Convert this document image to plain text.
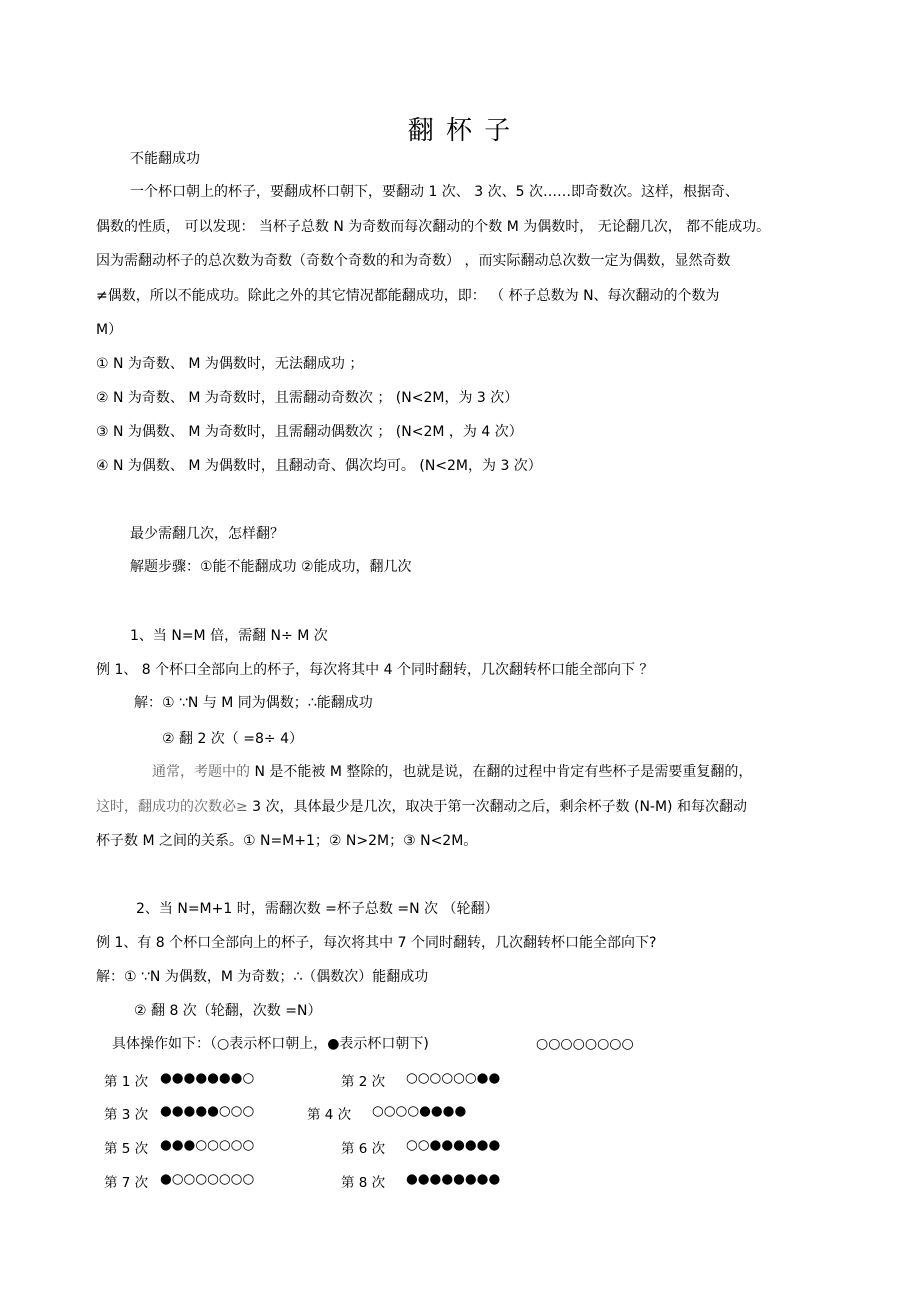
翻 杯 子
不能翻成功
一个杯口朝上的杯子，要翻成杯口朝下，要翻动 1 次、 3 次、5 次……即奇数次。这样，根据奇、
偶数的性质， 可以发现： 当杯子总数 N 为奇数而每次翻动的个数 M 为偶数时， 无论翻几次， 都不能成功。
因为需翻动杯子的总次数为奇数（奇数个奇数的和为奇数） ，而实际翻动总次数一定为偶数，显然奇数
≠偶数，所以不能成功。除此之外的其它情况都能翻成功，即： （ 杯子总数为 N、每次翻动的个数为
M）
① N 为奇数、 M 为偶数时，无法翻成功 ；
② N 为奇数、 M 为奇数时，且需翻动奇数次 ； (N<2M，为 3 次）
③ N 为偶数、 M 为奇数时，且需翻动偶数次 ； (N<2M ，为 4 次）
④ N 为偶数、 M 为偶数时，且翻动奇、偶次均可。 (N<2M，为 3 次）
最少需翻几次，怎样翻？
解题步骤：①能不能翻成功 ②能成功，翻几次
1、当 N=M 倍，需翻 N÷ M 次
例 1、 8 个杯口全部向上的杯子，每次将其中 4 个同时翻转，几次翻转杯口能全部向下 ？
解：① ∵N 与 M 同为偶数；∴能翻成功
② 翻 2 次（ =8÷ 4）
通常，考题中的 N 是不能被 M 整除的，也就是说，在翻的过程中肯定有些杯子是需要重复翻的，
这时，翻成功的次数必≥ 3 次，具体最少是几次，取决于第一次翻动之后，剩余杯子数 (N-M) 和每次翻动
杯子数 M 之间的关系。① N=M+1；② N>2M；③ N<2M。
2、当 N=M+1 时，需翻次数 =杯子总数 =N 次 （轮翻）
例 1、有 8 个杯口全部向上的杯子，每次将其中 7 个同时翻转，几次翻转杯口能全部向下?
解：① ∵N 为偶数，M 为奇数；∴（偶数次）能翻成功
② 翻 8 次（轮翻，次数 =N）
具体操作如下：（○表示杯口朝上，●表示杯口朝下)	○○○○○○○○
第 1 次 ●●●●●●●○	第 2 次 ○○○○○○●●
第 3 次 ●●●●●○○○	第 4 次 ○○○○●●●●
第 5 次 ●●●○○○○○	第 6 次 ○○●●●●●●
第 7 次 ●○○○○○○○	第 8 次 ●●●●●●●●
